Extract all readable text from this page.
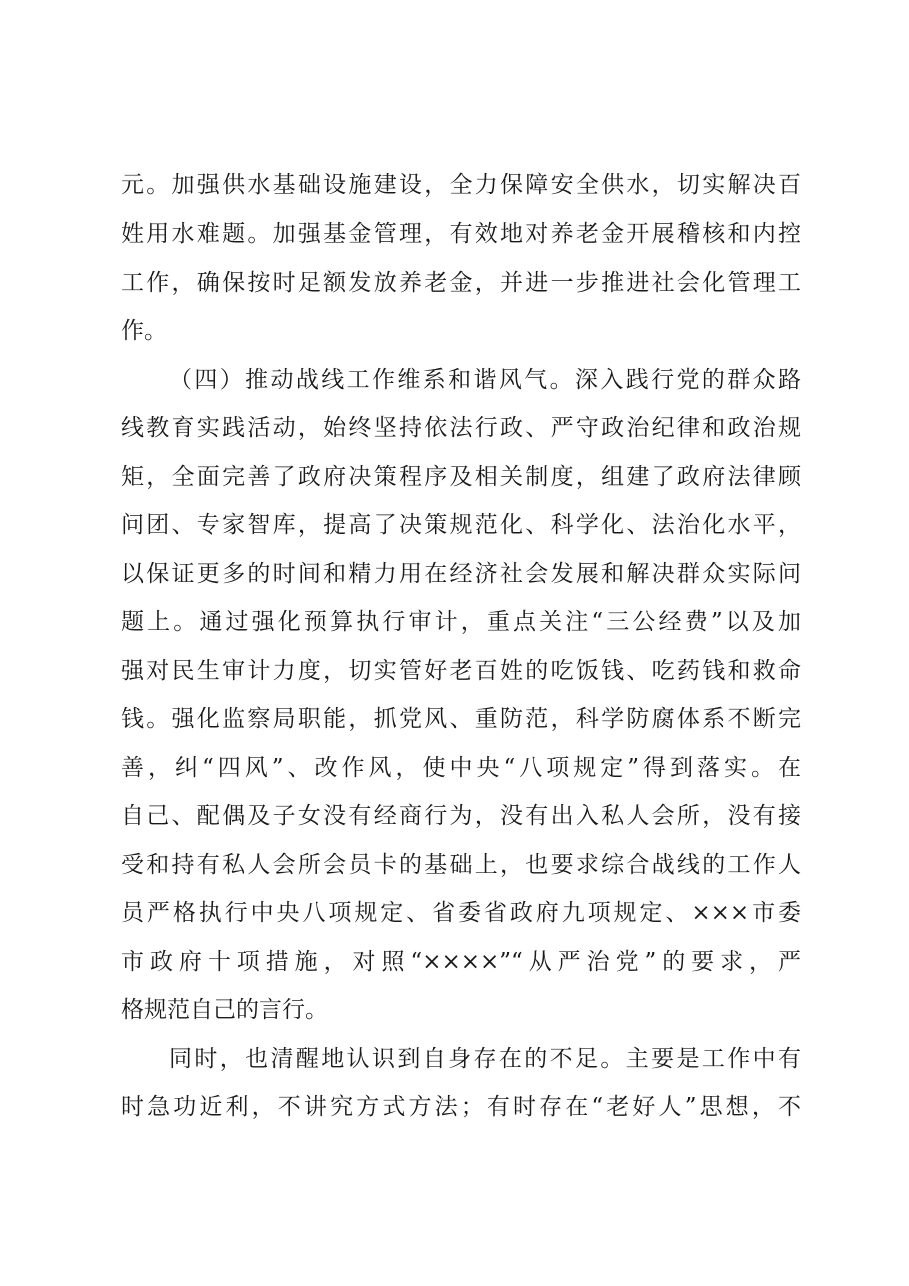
元。加强供水基础设施建设，全力保障安全供水，切实解决百
姓用水难题。加强基金管理，有效地对养老金开展稽核和内控
工作，确保按时足额发放养老金，并进一步推进社会化管理工
作。
（四）推动战线工作维系和谐风气。深入践行党的群众路
线教育实践活动，始终坚持依法行政、严守政治纪律和政治规
矩，全面完善了政府决策程序及相关制度，组建了政府法律顾
问团、专家智库，提高了决策规范化、科学化、法治化水平，
以保证更多的时间和精力用在经济社会发展和解决群众实际问
题上。通过强化预算执行审计，重点关注“三公经费”以及加
强对民生审计力度，切实管好老百姓的吃饭钱、吃药钱和救命
钱。强化监察局职能，抓党风、重防范，科学防腐体系不断完
善，纠“四风”、改作风，使中央“八项规定”得到落实。在
自己、配偶及子女没有经商行为，没有出入私人会所，没有接
受和持有私人会所会员卡的基础上，也要求综合战线的工作人
员严格执行中央八项规定、省委省政府九项规定、×××市委
市政府十项措施，对照“××××”“从严治党”的要求，严
格规范自己的言行。
同时，也清醒地认识到自身存在的不足。主要是工作中有
时急功近利，不讲究方式方法；有时存在“老好人”思想，不
